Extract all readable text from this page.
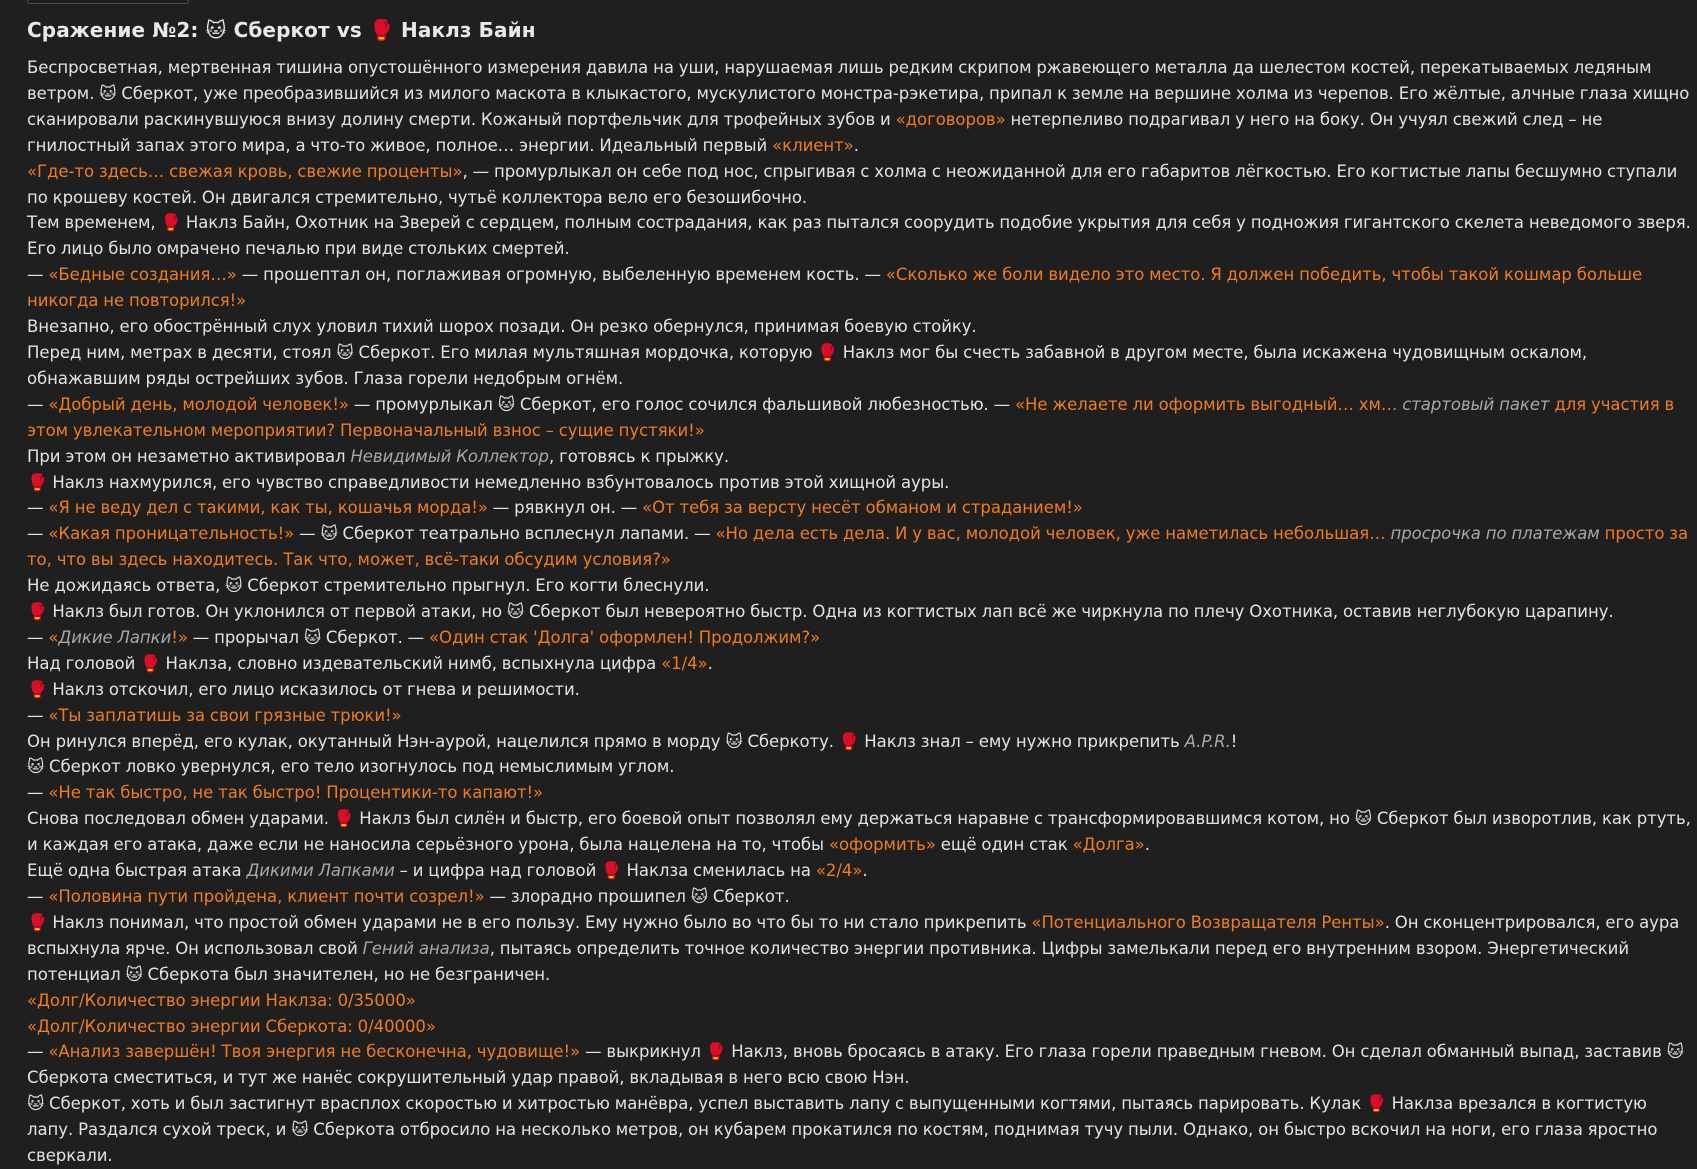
Сражение №2: 🐱 Сберкот vs 🥊 Наклз Байн

Беспросветная, мертвенная тишина опустошённого измерения давила на уши, нарушаемая лишь редким скрипом ржавеющего металла да шелестом костей, перекатываемых ледяным ветром. 🐱 Сберкот, уже преобразившийся из милого маскота в клыкастого, мускулистого монстра-рэкетира, припал к земле на вершине холма из черепов. Его жёлтые, алчные глаза хищно сканировали раскинувшуюся внизу долину смерти. Кожаный портфельчик для трофейных зубов и «договоров» нетерпеливо подрагивал у него на боку. Он учуял свежий след – не гнилостный запах этого мира, а что-то живое, полное… энергии. Идеальный первый «клиент».

«Где-то здесь… свежая кровь, свежие проценты», — промурлыкал он себе под нос, спрыгивая с холма с неожиданной для его габаритов лёгкостью. Его когтистые лапы бесшумно ступали по крошеву костей. Он двигался стремительно, чутьё коллектора вело его безошибочно.

Тем временем, 🥊 Наклз Байн, Охотник на Зверей с сердцем, полным сострадания, как раз пытался соорудить подобие укрытия для себя у подножия гигантского скелета неведомого зверя. Его лицо было омрачено печалью при виде стольких смертей.

— «Бедные создания…» — прошептал он, поглаживая огромную, выбеленную временем кость. — «Сколько же боли видело это место. Я должен победить, чтобы такой кошмар больше никогда не повторился!»

Внезапно, его обострённый слух уловил тихий шорох позади. Он резко обернулся, принимая боевую стойку.

Перед ним, метрах в десяти, стоял 🐱 Сберкот. Его милая мультяшная мордочка, которую 🥊 Наклз мог бы счесть забавной в другом месте, была искажена чудовищным оскалом, обнажавшим ряды острейших зубов. Глаза горели недобрым огнём.

— «Добрый день, молодой человек!» — промурлыкал 🐱 Сберкот, его голос сочился фальшивой любезностью. — «Не желаете ли оформить выгодный… хм… стартовый пакет для участия в этом увлекательном мероприятии? Первоначальный взнос – сущие пустяки!»

При этом он незаметно активировал Невидимый Коллектор, готовясь к прыжку.

🥊 Наклз нахмурился, его чувство справедливости немедленно взбунтовалось против этой хищной ауры.

— «Я не веду дел с такими, как ты, кошачья морда!» — рявкнул он. — «От тебя за версту несёт обманом и страданием!»

— «Какая проницательность!» — 🐱 Сберкот театрально всплеснул лапами. — «Но дела есть дела. И у вас, молодой человек, уже наметилась небольшая… просрочка по платежам просто за то, что вы здесь находитесь. Так что, может, всё-таки обсудим условия?»

Не дожидаясь ответа, 🐱 Сберкот стремительно прыгнул. Его когти блеснули.

🥊 Наклз был готов. Он уклонился от первой атаки, но 🐱 Сберкот был невероятно быстр. Одна из когтистых лап всё же чиркнула по плечу Охотника, оставив неглубокую царапину.

— «Дикие Лапки!» — прорычал 🐱 Сберкот. — «Один стак 'Долга' оформлен! Продолжим?»

Над головой 🥊 Наклза, словно издевательский нимб, вспыхнула цифра «1/4».

🥊 Наклз отскочил, его лицо исказилось от гнева и решимости.

— «Ты заплатишь за свои грязные трюки!»

Он ринулся вперёд, его кулак, окутанный Нэн-аурой, нацелился прямо в морду 🐱 Сберкоту. 🥊 Наклз знал – ему нужно прикрепить A.P.R.!

🐱 Сберкот ловко увернулся, его тело изогнулось под немыслимым углом.

— «Не так быстро, не так быстро! Процентики-то капают!»

Снова последовал обмен ударами. 🥊 Наклз был силён и быстр, его боевой опыт позволял ему держаться наравне с трансформировавшимся котом, но 🐱 Сберкот был изворотлив, как ртуть, и каждая его атака, даже если не наносила серьёзного урона, была нацелена на то, чтобы «оформить» ещё один стак «Долга».

Ещё одна быстрая атака Дикими Лапками – и цифра над головой 🥊 Наклза сменилась на «2/4».

— «Половина пути пройдена, клиент почти созрел!» — злорадно прошипел 🐱 Сберкот.

🥊 Наклз понимал, что простой обмен ударами не в его пользу. Ему нужно было во что бы то ни стало прикрепить «Потенциального Возвращателя Ренты». Он сконцентрировался, его аура вспыхнула ярче. Он использовал свой Гений анализа, пытаясь определить точное количество энергии противника. Цифры замелькали перед его внутренним взором. Энергетический потенциал 🐱 Сберкота был значителен, но не безграничен.

«Долг/Количество энергии Наклза: 0/35000»

«Долг/Количество энергии Сберкота: 0/40000»

— «Анализ завершён! Твоя энергия не бесконечна, чудовище!» — выкрикнул 🥊 Наклз, вновь бросаясь в атаку. Его глаза горели праведным гневом. Он сделал обманный выпад, заставив 🐱 Сберкота сместиться, и тут же нанёс сокрушительный удар правой, вкладывая в него всю свою Нэн.

🐱 Сберкот, хоть и был застигнут врасплох скоростью и хитростью манёвра, успел выставить лапу с выпущенными когтями, пытаясь парировать. Кулак 🥊 Наклза врезался в когтистую лапу. Раздался сухой треск, и 🐱 Сберкота отбросило на несколько метров, он кубарем прокатился по костям, поднимая тучу пыли. Однако, он быстро вскочил на ноги, его глаза яростно сверкали.
